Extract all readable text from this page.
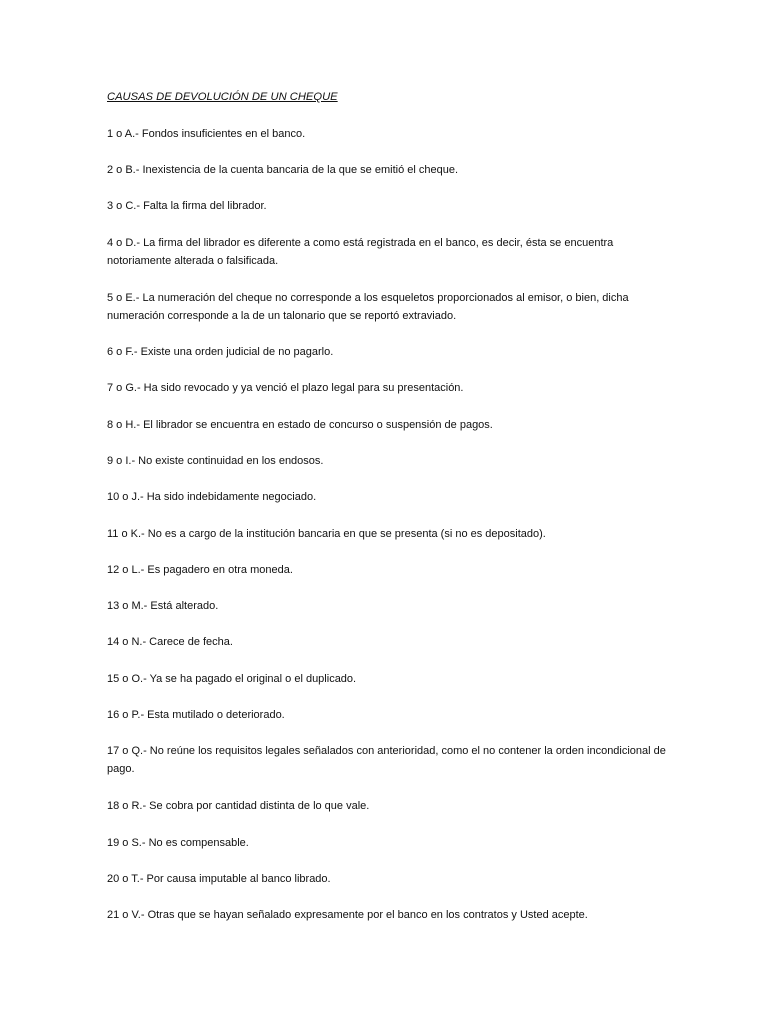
CAUSAS DE DEVOLUCIÓN DE UN CHEQUE

1 o A.- Fondos insuficientes en el banco.

2 o B.- Inexistencia de la cuenta bancaria de la que se emitió el cheque.

3 o C.- Falta la firma del librador.

4 o D.- La firma del librador es diferente a como está registrada en el banco, es decir, ésta se encuentra notoriamente alterada o falsificada.

5 o E.- La numeración del cheque no corresponde a los esqueletos proporcionados al emisor, o bien, dicha numeración corresponde a la de un talonario que se reportó extraviado.

6 o F.- Existe una orden judicial de no pagarlo.

7 o G.- Ha sido revocado y ya venció el plazo legal para su presentación.

8 o H.- El librador se encuentra en estado de concurso o suspensión de pagos.

9 o I.- No existe continuidad en los endosos.

10 o J.- Ha sido indebidamente negociado.

11 o K.- No es a cargo de la institución bancaria en que se presenta (si no es depositado).

12 o L.- Es pagadero en otra moneda.

13 o M.- Está alterado.

14 o N.- Carece de fecha.

15 o O.- Ya se ha pagado el original o el duplicado.

16 o P.- Esta mutilado o deteriorado.

17 o Q.- No reúne los requisitos legales señalados con anterioridad, como el no contener la orden incondicional de pago.

18 o R.- Se cobra por cantidad distinta de lo que vale.

19 o S.- No es compensable.

20 o T.- Por causa imputable al banco librado.

21 o V.- Otras que se hayan señalado expresamente por el banco en los contratos y Usted acepte.
